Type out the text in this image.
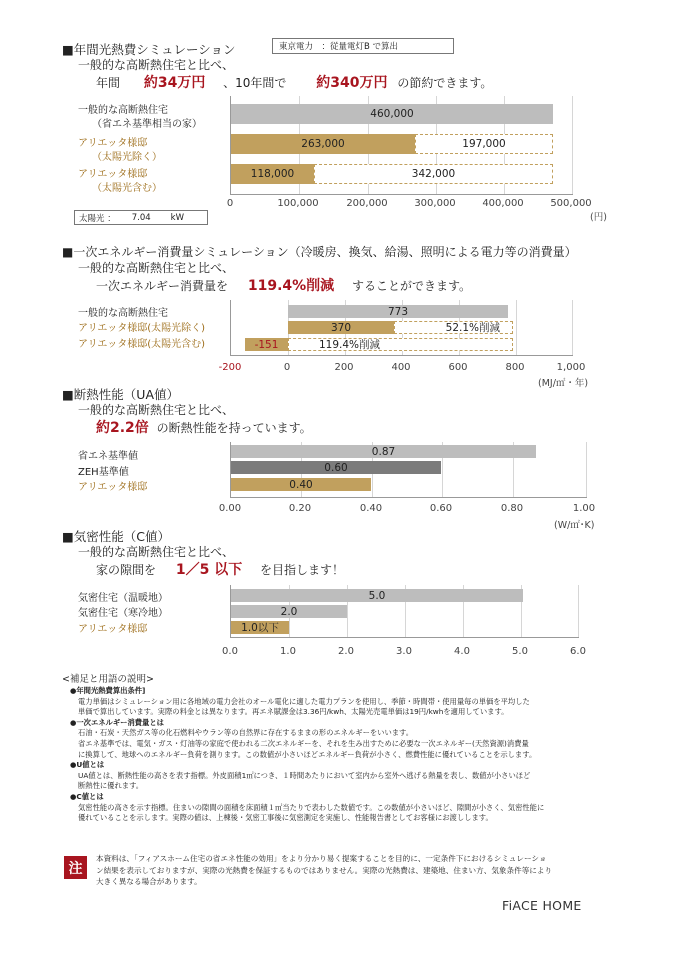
■年間光熱費シミュレーション	東京電力　：従量電灯B で算出
一般的な高断熱住宅と比べ、
年間 約34万円 、10年間で 約340万円 の節約できます。
一般的な高断熱住宅
（省エネ基準相当の家）
アリエッタ様邸
（太陽光除く）
アリエッタ様邸
（太陽光含む）
460,000
263,000	197,000
118,000	342,000
0	100,000	200,000	300,000	400,000	500,000
(円)
太陽光 ： 7.04 kW
■一次エネルギー消費量シミュレーション（冷暖房、換気、給湯、照明による電力等の消費量）
一般的な高断熱住宅と比べ、
一次エネルギー消費量を 119.4%削減 することができます。
一般的な高断熱住宅
アリエッタ様邸(太陽光除く)
アリエッタ様邸(太陽光含む)
773
370	52.1%削減
-151	119.4%削減
-200	0	200	400	600	800	1,000
(MJ/㎡・年)
■断熱性能（UA値）
一般的な高断熱住宅と比べ、
約2.2倍 の断熱性能を持っています。
省エネ基準値
ZEH基準値
アリエッタ様邸
0.87
0.60
0.40
0.00	0.20	0.40	0.60	0.80	1.00
(W/㎡･K)
■気密性能（C値）
一般的な高断熱住宅と比べ、
家の隙間を 1／5 以下 を目指します！
気密住宅（温暖地）
気密住宅（寒冷地）
アリエッタ様邸
5.0
2.0
1.0以下
0.0	1.0	2.0	3.0	4.0	5.0	6.0
<補足と用語の説明>
●年間光熱費算出条件]
電力単価はシミュレーション用に各地域の電力会社のオール電化に適した電力プランを使用し、季節・時間帯・使用量毎の単価を平均した
単価で算出しています。実際の料金とは異なります。再エネ賦課金は3.36円/kwh、太陽光売電単価は19円/kwhを適用しています。
●一次エネルギー消費量とは
石油・石炭・天然ガス等の化石燃料やウラン等の自然界に存在するままの形のエネルギーをいいます。
省エネ基準では、電気・ガス・灯油等の家庭で使われる二次エネルギーを、それを生み出すために必要な一次エネルギー(天然資源)消費量
に換算して、地球へのエネルギー負荷を測ります。この数値が小さいほどエネルギー負荷が小さく、燃費性能に優れていることを示します。
●U値とは
UA値とは、断熱性能の高さを表す指標。外皮面積1㎡につき、１時間あたりにおいて室内から室外へ逃げる熱量を表し、数値が小さいほど
断熱性に優れます。
●C値とは
気密性能の高さを示す指標。住まいの隙間の面積を床面積１㎡当たりで表わした数値です。この数値が小さいほど、隙間が小さく、気密性能に
優れていることを示します。実際の値は、上棟後・気密工事後に気密測定を実施し、性能報告書としてお客様にお渡しします。
注
本資料は、「フィアスホーム住宅の省エネ性能の効用」をより分かり易く提案することを目的に、一定条件下におけるシミュレーショ
ン結果を表示しておりますが、実際の光熱費を保証するものではありません。実際の光熱費は、建築地、住まい方、気象条件等により
大きく異なる場合があります。
FiACE HOME
